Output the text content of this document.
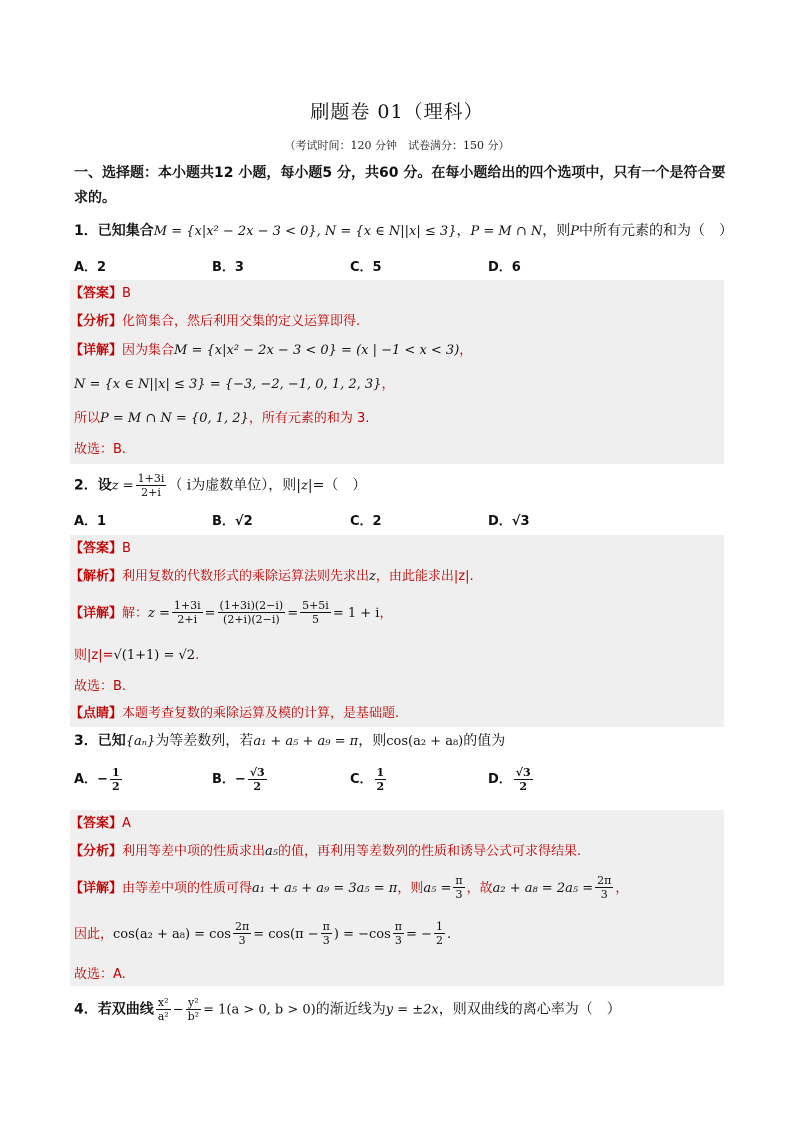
刷题卷 01（理科）
（考试时间：120 分钟　试卷满分：150 分）
一、选择题：本小题共12 小题，每小题5 分，共60 分。在每小题给出的四个选项中，只有一个是符合要
求的。
1．已知集合M = {x|x² − 2x − 3 < 0}, N = {x ∈ N||x| ≤ 3}，P = M ∩ N，则P中所有元素的和为（　）
A．2	B．3	C．5	D．6
【答案】B
【分析】化简集合，然后利用交集的定义运算即得.
【详解】因为集合M = {x|x² − 2x − 3 < 0} = (x | −1 < x < 3)，
N = {x ∈ N||x| ≤ 3} = {−3, −2, −1, 0, 1, 2, 3}，
所以P = M ∩ N = {0, 1, 2}，所有元素的和为 3.
故选：B.
2．设$z = \frac{1+3i}{2+i}$ （ i为虚数单位），则|z|=（　）
A．1	B．√2	C．2	D．√3
【答案】B
【解析】利用复数的代数形式的乘除运算法则先求出z，由此能求出|z|.
【详解】解：$z = \frac{1+3i}{2+i} = \frac{(1+3i)(2-i)}{(2+i)(2-i)} = \frac{5+5i}{5} = 1 + i$，
则|z|=√(1+1) = √2.
故选：B.
【点睛】本题考查复数的乘除运算及模的计算，是基础题.
3．已知{aₙ}为等差数列，若a₁ + a₅ + a₉ = π，则cos(a₂ + a₈)的值为
A．− $\frac{1}{2}$	B．− $\frac{√3}{2}$	C． $\frac{1}{2}$	D． $\frac{√3}{2}$
【答案】A
【分析】利用等差中项的性质求出a₅的值，再利用等差数列的性质和诱导公式可求得结果.
【详解】由等差中项的性质可得a₁ + a₅ + a₉ = 3a₅ = π，则$a_5 = \frac{\pi}{3}$ ，故$a_2 + a_8 = 2a_5 = \frac{2\pi}{3}$ ，
因此，$\cos(a_2 + a_8) = \cos \frac{2\pi}{3} = \cos(\pi - \frac{\pi}{3}$ ) = $-\cos \frac{\pi}{3}$ = − $\frac{1}{2}$ .
故选：A.
4．若双曲线 $\frac{\text{x²}}{\text{a²}} - \frac{\text{y²}}{\text{b²}} = 1(a > 0$, b > 0)的渐近线为y = ±2x，则双曲线的离心率为（　）
